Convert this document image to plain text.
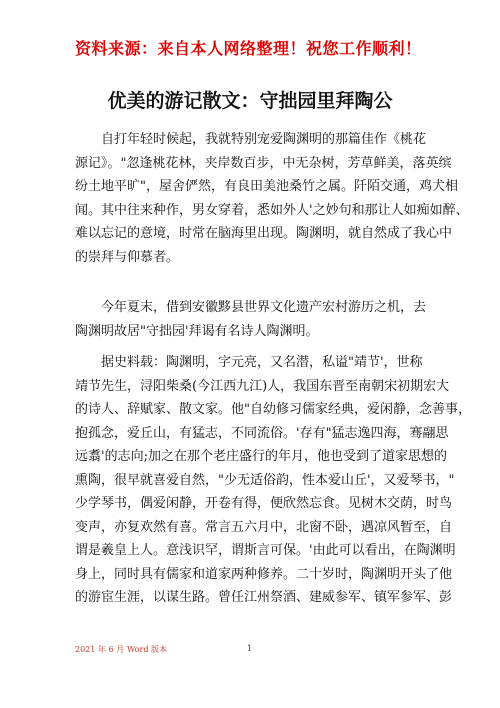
资料来源：来自本人网络整理！祝您工作顺利！
优美的游记散文：守拙园里拜陶公
　　自打年轻时候起，我就特别宠爱陶渊明的那篇佳作《桃花
源记》。"忽逢桃花林，夹岸数百步，中无杂树，芳草鲜美，落英缤
纷土地平旷"，屋舍俨然，有良田美池桑竹之属。阡陌交通，鸡犬相
闻。其中往来种作，男女穿着，悉如外人'之妙句和那让人如痴如醉、
难以忘记的意境，时常在脑海里出现。陶渊明，就自然成了我心中
的崇拜与仰慕者。
　　今年夏末，借到安徽黟县世界文化遗产宏村游历之机，去
陶渊明故居"守拙园'拜谒有名诗人陶渊明。
　　据史料载：陶渊明，字元亮，又名潜，私谥"靖节'，世称
靖节先生，浔阳柴桑(今江西九江)人，我国东晋至南朝宋初期宏大
的诗人、辞赋家、散文家。他"自幼修习儒家经典，爱闲静，念善事，
抱孤念，爱丘山，有猛志，不同流俗。'存有"猛志逸四海，骞翮思
远翥'的志向;加之在那个老庄盛行的年月，他也受到了道家思想的
熏陶，很早就喜爱自然，"少无适俗韵，性本爱山丘'，又爱琴书，"
少学琴书，偶爱闲静，开卷有得，便欣然忘食。见树木交荫，时鸟
变声，亦复欢然有喜。常言五六月中，北窗不卧，遇凉风暂至，自
谓是羲皇上人。意浅识罕，谓斯言可保。'由此可以看出，在陶渊明
身上，同时具有儒家和道家两种修养。二十岁时，陶渊明开头了他
的游宦生涯，以谋生路。曾任江州祭酒、建威参军、镇军参军、彭
2021 年 6 月 Word 版本	1
